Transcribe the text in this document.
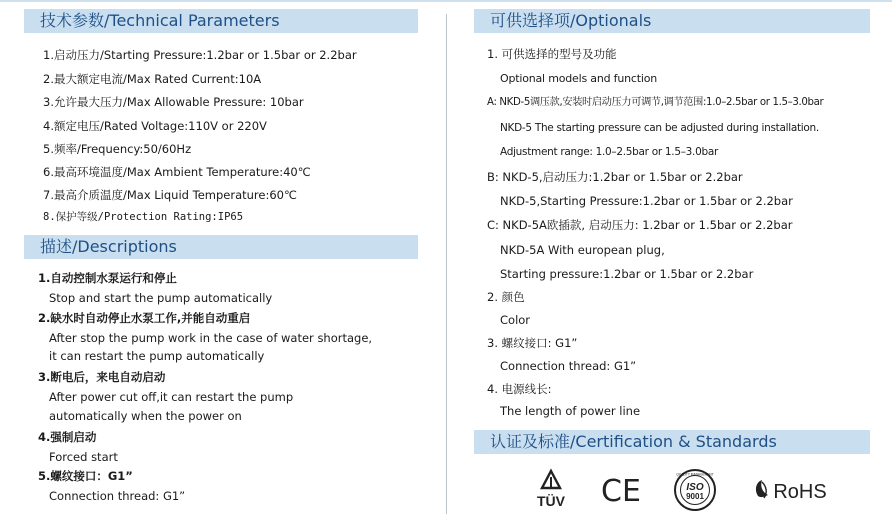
技术参数/Technical Parameters
1.启动压力/Starting Pressure:1.2bar or 1.5bar or 2.2bar
2.最大额定电流/Max Rated Current:10A
3.允许最大压力/Max Allowable Pressure: 10bar
4.额定电压/Rated Voltage:110V or 220V
5.频率/Frequency:50/60Hz
6.最高环境温度/Max Ambient Temperature:40℃
7.最高介质温度/Max Liquid Temperature:60℃
8.保护等级/Protection Rating:IP65
描述/Descriptions
1.自动控制水泵运行和停止
Stop and start the pump automatically
2.缺水时自动停止水泵工作,并能自动重启
After stop the pump work in the case of water shortage,
it can restart the pump automatically
3.断电后，来电自动启动
After power cut off,it can restart the pump
automatically when the power on
4.强制启动
Forced start
5.螺纹接口：G1”
Connection thread: G1”
可供选择项/Optionals
1. 可供选择的型号及功能
Optional models and function
A: NKD-5调压款,安装时启动压力可调节,调节范围:1.0–2.5bar or 1.5–3.0bar
NKD-5 The starting pressure can be adjusted during installation.
Adjustment range: 1.0–2.5bar or 1.5–3.0bar
B: NKD-5,启动压力:1.2bar or 1.5bar or 2.2bar
NKD-5,Starting Pressure:1.2bar or 1.5bar or 2.2bar
C: NKD-5A欧插款, 启动压力: 1.2bar or 1.5bar or 2.2bar
NKD-5A With european plug,
Starting pressure:1.2bar or 1.5bar or 2.2bar
2. 颜色
Color
3. 螺纹接口: G1”
Connection thread: G1”
4. 电源线长:
The length of power line
认证及标准/Certification & Standards
TÜV CE	QUALITY MANAGEMENT
ISO
9001	RoHS
